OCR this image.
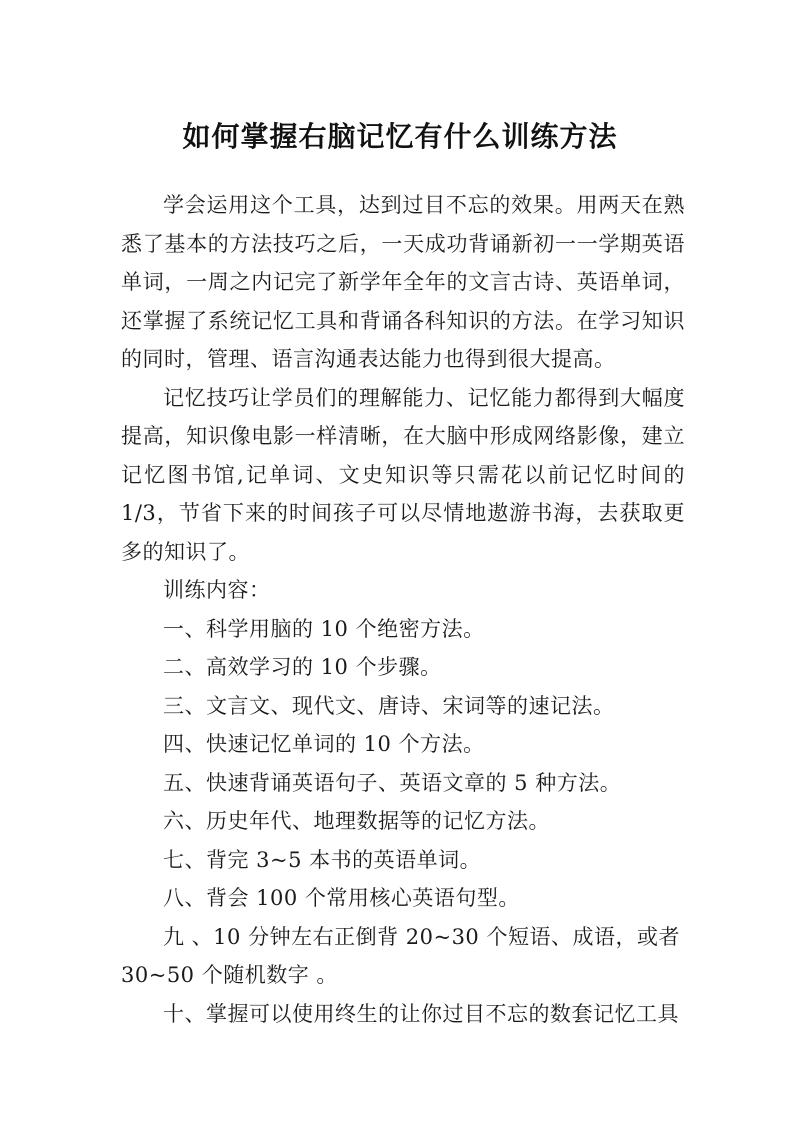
如何掌握右脑记忆有什么训练方法

学会运用这个工具，达到过目不忘的效果。用两天在熟悉了基本的方法技巧之后，一天成功背诵新初一一学期英语单词，一周之内记完了新学年全年的文言古诗、英语单词，还掌握了系统记忆工具和背诵各科知识的方法。在学习知识的同时，管理、语言沟通表达能力也得到很大提高。

记忆技巧让学员们的理解能力、记忆能力都得到大幅度提高，知识像电影一样清晰，在大脑中形成网络影像，建立记忆图书馆,记单词、文史知识等只需花以前记忆时间的1/3，节省下来的时间孩子可以尽情地遨游书海，去获取更多的知识了。

训练内容：

一、科学用脑的 10 个绝密方法。

二、高效学习的 10 个步骤。

三、文言文、现代文、唐诗、宋词等的速记法。

四、快速记忆单词的 10 个方法。

五、快速背诵英语句子、英语文章的 5 种方法。

六、历史年代、地理数据等的记忆方法。

七、背完 3~5 本书的英语单词。

八、背会 100 个常用核心英语句型。

九 、10 分钟左右正倒背 20~30 个短语、成语，或者 30~50 个随机数字 。

十、掌握可以使用终生的让你过目不忘的数套记忆工具
